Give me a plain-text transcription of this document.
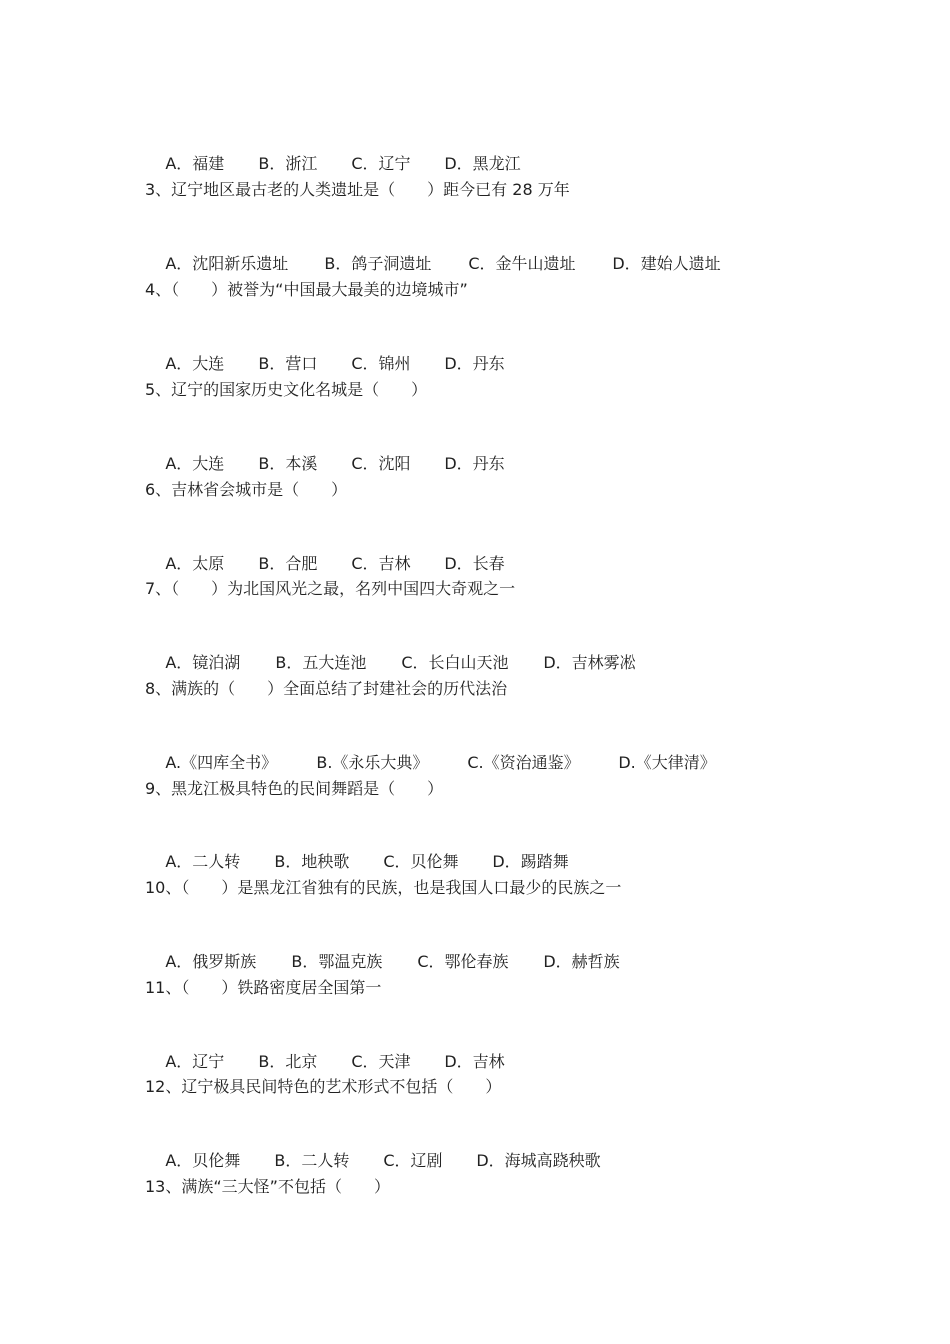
A．福建 B．浙江 C．辽宁 D．黑龙江

3、辽宁地区最古老的人类遗址是（　　）距今已有 28 万年

A．沈阳新乐遗址 B．鸽子洞遗址 C．金牛山遗址 D．建始人遗址

4、（　　）被誉为“中国最大最美的边境城市”

A．大连 B．营口 C．锦州 D．丹东

5、辽宁的国家历史文化名城是（　　）

A．大连 B．本溪 C．沈阳 D．丹东

6、吉林省会城市是（　　）

A．太原 B．合肥 C．吉林 D．长春

7、（　　）为北国风光之最，名列中国四大奇观之一

A．镜泊湖 B．五大连池 C．长白山天池 D．吉林雾凇

8、满族的（　　）全面总结了封建社会的历代法治

A.《四库全书》 B.《永乐大典》 C.《资治通鉴》 D.《大律清》

9、黑龙江极具特色的民间舞蹈是（　　）

A．二人转 B．地秧歌 C．贝伦舞 D．踢踏舞

10、（　　）是黑龙江省独有的民族，也是我国人口最少的民族之一

A．俄罗斯族 B．鄂温克族 C．鄂伦春族 D．赫哲族

11、（　　）铁路密度居全国第一

A．辽宁 B．北京 C．天津 D．吉林

12、辽宁极具民间特色的艺术形式不包括（　　）

A．贝伦舞 B．二人转 C．辽剧 D．海城高跷秧歌

13、满族“三大怪”不包括（　　）
